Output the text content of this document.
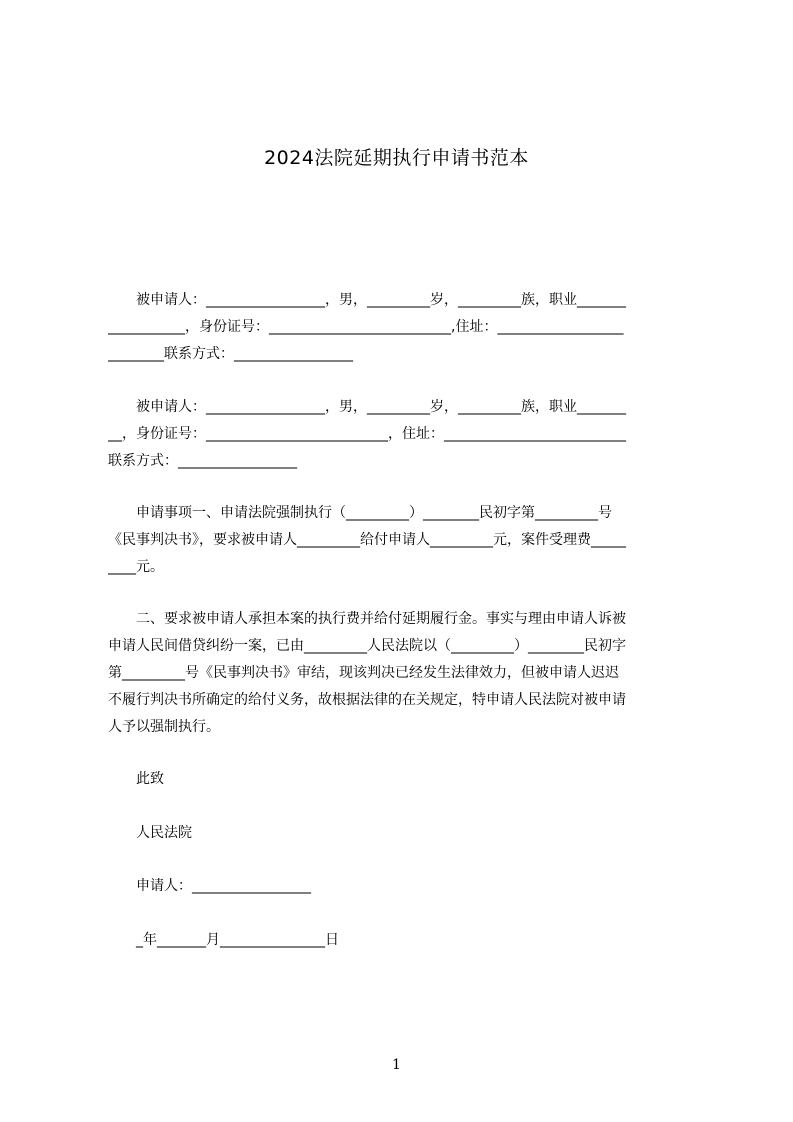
2024法院延期执行申请书范本
　　被申请人：_________________，男，_________岁，_________族，职业_______
___________，身份证号：__________________________,住址：__________________
________联系方式：_________________
　　被申请人：_________________，男，_________岁，_________族，职业_______
__，身份证号：__________________________，住址：__________________________
联系方式：_________________
　　申请事项一、申请法院强制执行（_________）________民初字第_________号
《民事判决书》，要求被申请人_________给付申请人_________元，案件受理费_____
____元。
　　二、要求被申请人承担本案的执行费并给付延期履行金。事实与理由申请人诉被
申请人民间借贷纠纷一案，已由_________人民法院以（_________）________民初字
第_________号《民事判决书》审结，现该判决已经发生法律效力，但被申请人迟迟
不履行判决书所确定的给付义务，故根据法律的在关规定，特申请人民法院对被申请
人予以强制执行。
此致
人民法院
申请人：_________________
_年_______月_______________日
1
